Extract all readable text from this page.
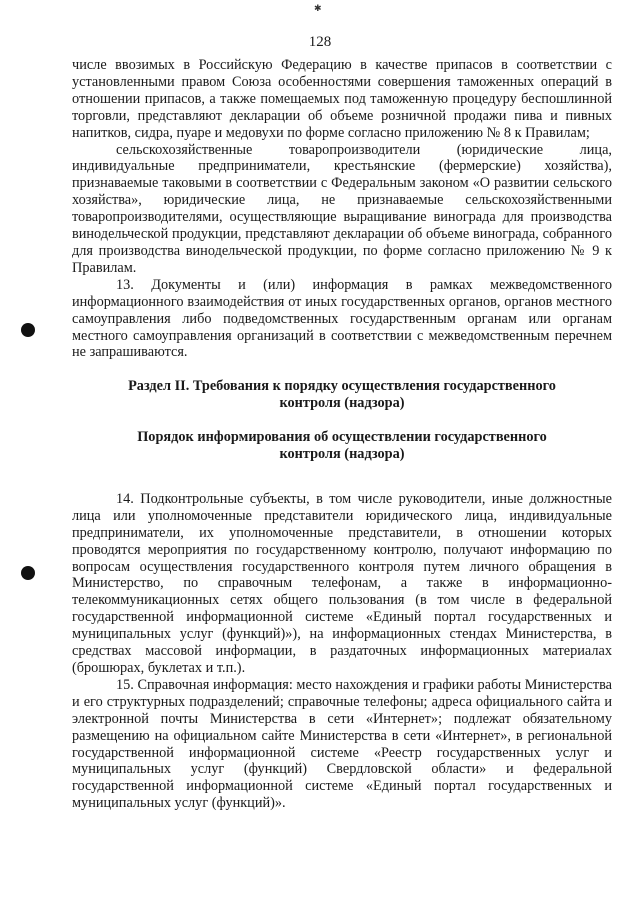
✱
128

числе ввозимых в Российскую Федерацию в качестве припасов в соответствии с установленными правом Союза особенностями совершения таможенных операций в отношении припасов, а также помещаемых под таможенную процедуру беспошлинной торговли, представляют декларации об объеме розничной продажи пива и пивных напитков, сидра, пуаре и медовухи по форме согласно приложению № 8 к Правилам;

сельскохозяйственные товаропроизводители (юридические лица, индивидуальные предприниматели, крестьянские (фермерские) хозяйства), признаваемые таковыми в соответствии с Федеральным законом «О развитии сельского хозяйства», юридические лица, не признаваемые сельскохозяйственными товаропроизводителями, осуществляющие выращивание винограда для производства винодельческой продукции, представляют декларации об объеме винограда, собранного для производства винодельческой продукции, по форме согласно приложению № 9 к Правилам.

13. Документы и (или) информация в рамках межведомственного информационного взаимодействия от иных государственных органов, органов местного самоуправления либо подведомственных государственным органам или органам местного самоуправления организаций в соответствии с межведомственным перечнем не запрашиваются.

Раздел II. Требования к порядку осуществления государственного контроля (надзора)

Порядок информирования об осуществлении государственного контроля (надзора)

14. Подконтрольные субъекты, в том числе руководители, иные должностные лица или уполномоченные представители юридического лица, индивидуальные предприниматели, их уполномоченные представители, в отношении которых проводятся мероприятия по государственному контролю, получают информацию по вопросам осуществления государственного контроля путем личного обращения в Министерство, по справочным телефонам, а также в информационно-телекоммуникационных сетях общего пользования (в том числе в федеральной государственной информационной системе «Единый портал государственных и муниципальных услуг (функций)»), на информационных стендах Министерства, в средствах массовой информации, в раздаточных информационных материалах (брошюрах, буклетах и т.п.).

15. Справочная информация: место нахождения и графики работы Министерства и его структурных подразделений; справочные телефоны; адреса официального сайта и электронной почты Министерства в сети «Интернет»; подлежат обязательному размещению на официальном сайте Министерства в сети «Интернет», в региональной государственной информационной системе «Реестр государственных услуг и муниципальных услуг (функций) Свердловской области» и федеральной государственной информационной системе «Единый портал государственных и муниципальных услуг (функций)».
